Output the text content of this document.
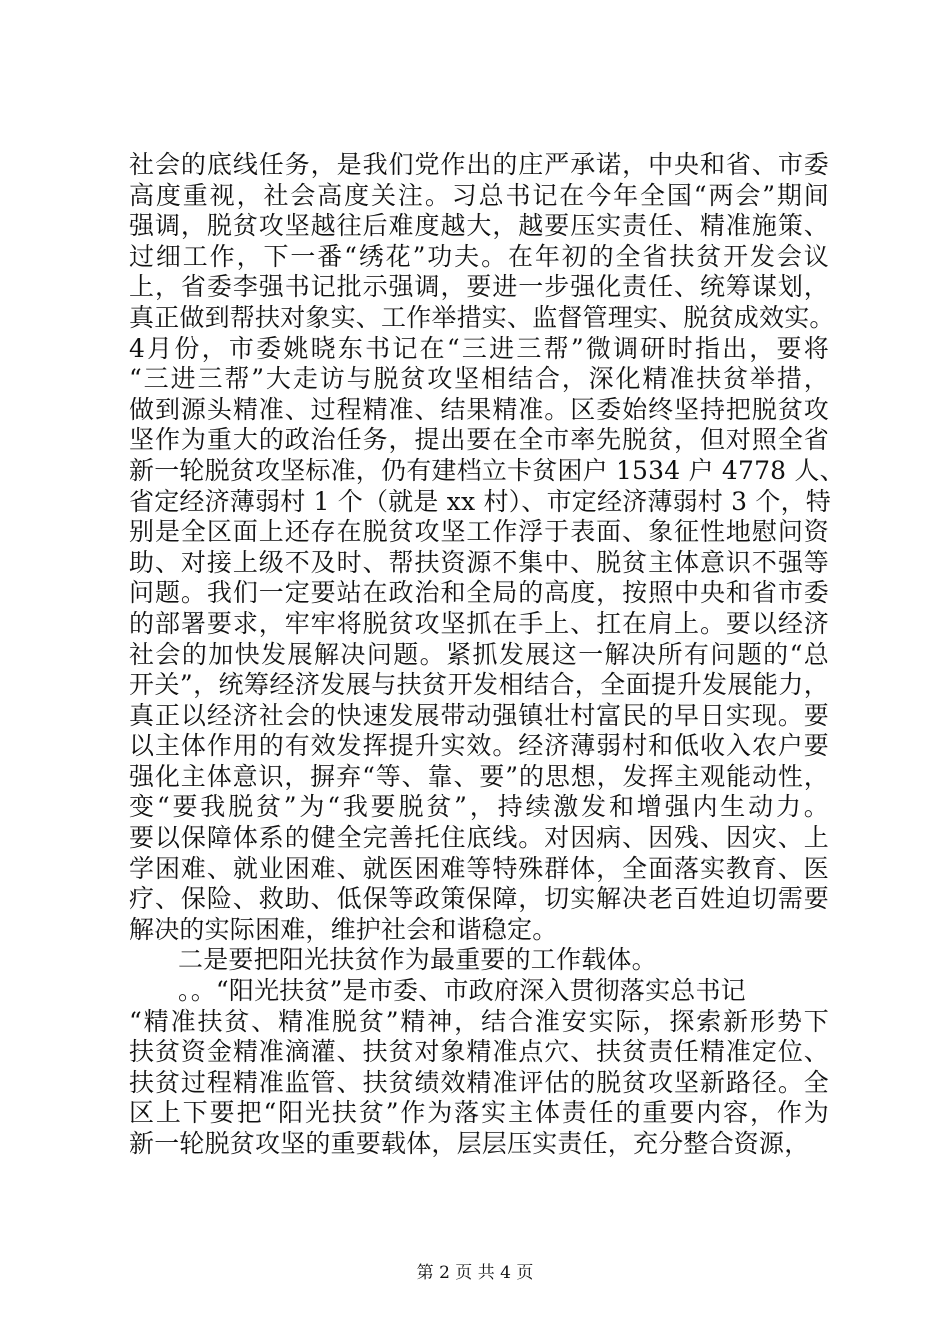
社会的底线任务，是我们党作出的庄严承诺，中央和省、市委
高度重视，社会高度关注。习总书记在今年全国“两会”期间
强调，脱贫攻坚越往后难度越大，越要压实责任、精准施策、
过细工作，下一番“绣花”功夫。在年初的全省扶贫开发会议
上，省委李强书记批示强调，要进一步强化责任、统筹谋划，
真正做到帮扶对象实、工作举措实、监督管理实、脱贫成效实。
4月份，市委姚晓东书记在“三进三帮”微调研时指出，要将
“三进三帮”大走访与脱贫攻坚相结合，深化精准扶贫举措，
做到源头精准、过程精准、结果精准。区委始终坚持把脱贫攻
坚作为重大的政治任务，提出要在全市率先脱贫，但对照全省
新一轮脱贫攻坚标准，仍有建档立卡贫困户 1534 户 4778 人、
省定经济薄弱村 1 个（就是 xx 村）、市定经济薄弱村 3 个，特
别是全区面上还存在脱贫攻坚工作浮于表面、象征性地慰问资
助、对接上级不及时、帮扶资源不集中、脱贫主体意识不强等
问题。我们一定要站在政治和全局的高度，按照中央和省市委
的部署要求，牢牢将脱贫攻坚抓在手上、扛在肩上。要以经济
社会的加快发展解决问题。紧抓发展这一解决所有问题的“总
开关”，统筹经济发展与扶贫开发相结合，全面提升发展能力，
真正以经济社会的快速发展带动强镇壮村富民的早日实现。要
以主体作用的有效发挥提升实效。经济薄弱村和低收入农户要
强化主体意识，摒弃“等、靠、要”的思想，发挥主观能动性，
变“要我脱贫”为“我要脱贫”，持续激发和增强内生动力。
要以保障体系的健全完善托住底线。对因病、因残、因灾、上
学困难、就业困难、就医困难等特殊群体，全面落实教育、医
疗、保险、救助、低保等政策保障，切实解决老百姓迫切需要
解决的实际困难，维护社会和谐稳定。
二是要把阳光扶贫作为最重要的工作载体。
。。“阳光扶贫”是市委、市政府深入贯彻落实总书记
“精准扶贫、精准脱贫”精神，结合淮安实际，探索新形势下
扶贫资金精准滴灌、扶贫对象精准点穴、扶贫责任精准定位、
扶贫过程精准监管、扶贫绩效精准评估的脱贫攻坚新路径。全
区上下要把“阳光扶贫”作为落实主体责任的重要内容，作为
新一轮脱贫攻坚的重要载体，层层压实责任，充分整合资源，
第 2 页 共 4 页
